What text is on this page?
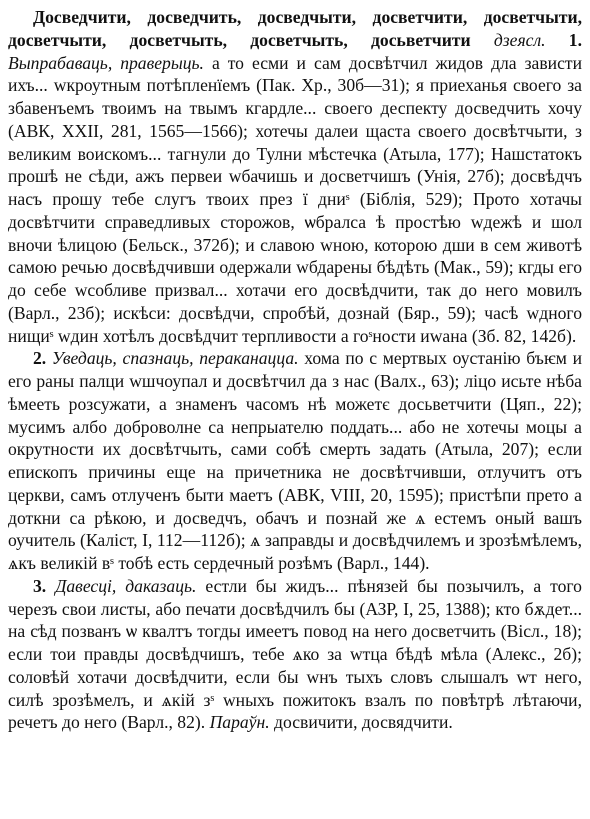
Досведчити, доcведчить, досведчыти, досветчити, досветчыти, досветчыти, досветчыть, досветчыть, досьветчити дзеясл. 1. Выпрабаваць, праверыць. а то есми и сам досвѣтчил жидов дла зависти ихъ... wкроутным потѣпленїемъ (Пак. Хр., 30б—31); я приеханья своего за збавенъемъ твоимъ на твымъ кгардле... своего деспекту досведчить хочу (АВК, XXII, 281, 1565—1566); хотечы далеи щаста своего досвѣтчыти, з великим воискомъ... тагнули до Тулни мѣстечка (Атыла, 177); Нашстатокъ прошѣ не сѣди, ажъ первеи wбачишь и досветчишъ (Унія, 27б); досвѣдчъ насъ прошу тебе слугъ твоих през ї дниˢ (Біблія, 529); Прото хотачы досвѣтчити справедливых сторожов, ѡбралса ѣ простѣю wдежѣ и шол вночи ѣлицою (Бельск., 372б); и славою wною, которою дши в сем животѣ самою речью досвѣдчивши одержали wбдарены бѣдѣть (Мак., 59); кгды его до себе wсобливе призвал... хотачи его досвѣдчити, так до него мовилъ (Варл., 23б); искѣси: досвѣдчи, спробѣй, дознай (Бяр., 59); часѣ wдного нищиˢ wдин хотѣлъ досвѣдчит терпливости а гоˢности иwана (Зб. 82, 142б).

2. Уведаць, спазнаць, пераканацца. хома по с мертвых оустанію бъѥм и его раны палци wшчоупал и досвѣтчил да з нас (Валх., 63); ліцо исьте нѣба ѣмееть розсужати, а знаменъ часомъ нѣ можетє досьветчити (Цяп., 22); мусимъ албо доброволне са непрыателю поддать... або не хотечы моцы а окрутности их досвѣтчыть, сами собѣ смерть задать (Атыла, 207); если епископъ причины еще на причетника не досвѣтчивши, отлучитъ отъ церкви, самъ отлученъ быти маетъ (АВК, VIII, 20, 1595); пристѣпи прето а доткни са рѣкою, и досведчъ, обачъ и познай же ѧ естемъ оный вашъ оучитель (Каліст, І, 112—112б); ѧ заправды и досвѣдчилемъ и зрозѣмѣлемъ, ѧкъ великій вˢ тобѣ есть сердечный розѣмъ (Варл., 144).

3. Давесці, даказаць. естли бы жидъ... пѣнязей бы позычилъ, а того черезъ свои листы, або печати досвѣдчилъ бы (АЗР, І, 25, 1388); кто бѫдет... на сѣд позванъ ѡ квалтъ тогды имеетъ повод на него досветчить (Вісл., 18); если тои правды досвѣдчишъ, тебе ѧко за wтца бѣдѣ мѣла (Алекс., 2б); соловѣй хотачи досвѣдчити, если бы wнъ тыхъ словъ слышалъ wт него, силѣ зрозѣмелъ, и ѧкій зˢ wныхъ пожитокъ взалъ по повѣтрѣ лѣтаючи, речетъ до него (Варл., 82). Параўн. досвичити, досвядчити.
